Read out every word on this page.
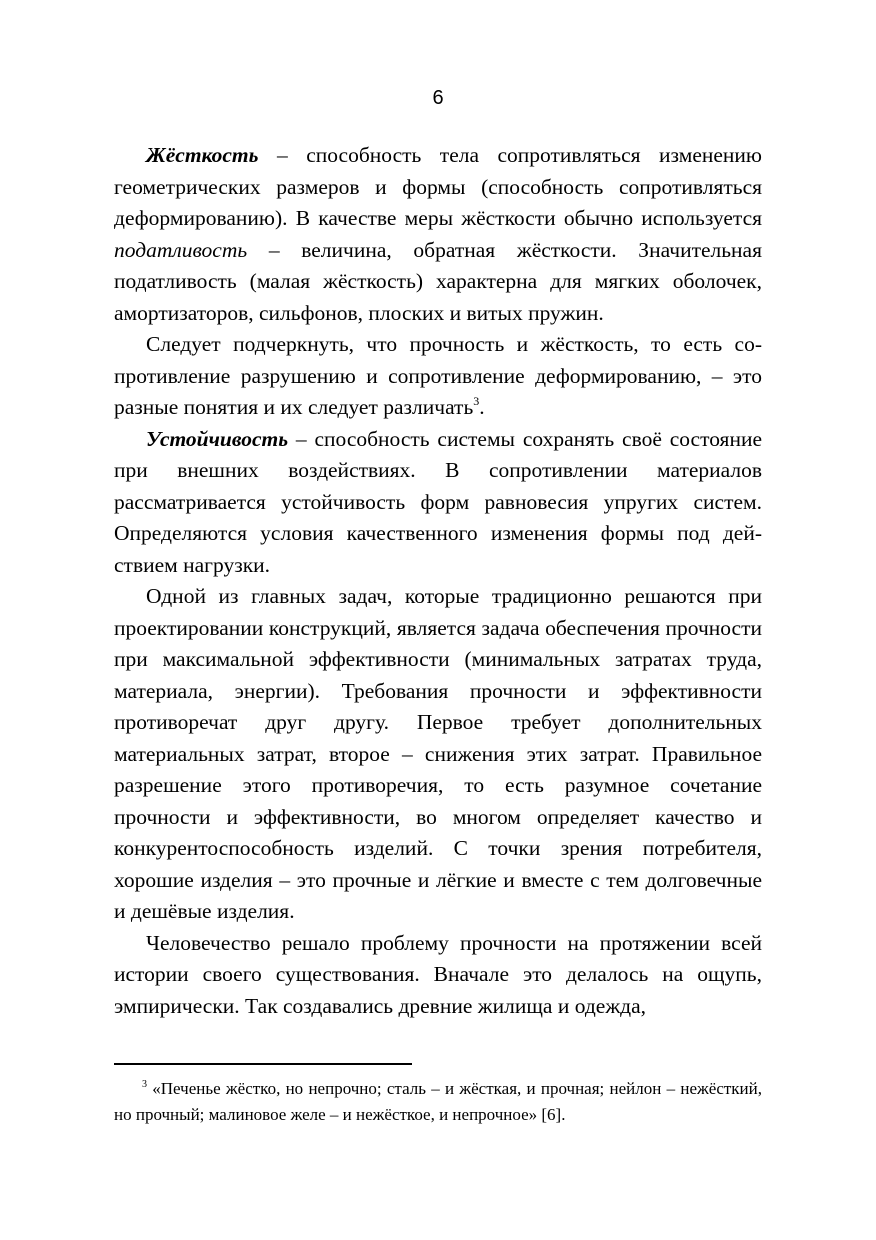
6

Жёсткость – способность тела сопротивляться изменению геометрических размеров и формы (способность сопротивляться деформированию). В качестве меры жёсткости обычно используется податливость – величина, обратная жёсткости. Значительная податливость (малая жёсткость) характерна для мягких оболочек, амортизаторов, сильфонов, плоских и витых пружин.

Следует подчеркнуть, что прочность и жёсткость, то есть сопротивление разрушению и сопротивление деформированию, – это разные понятия и их следует различать$^3$.

Устойчивость – способность системы сохранять своё состояние при внешних воздействиях. В сопротивлении материалов рассматривается устойчивость форм равновесия упругих систем. Определяются условия качественного изменения формы под действием нагрузки.

Одной из главных задач, которые традиционно решаются при проектировании конструкций, является задача обеспечения прочности при максимальной эффективности (минимальных затратах труда, материала, энергии). Требования прочности и эффективности противоречат друг другу. Первое требует дополнительных материальных затрат, второе – снижения этих затрат. Правильное разрешение этого противоречия, то есть разумное сочетание прочности и эффективности, во многом определяет качество и конкурентоспособность изделий. С точки зрения потребителя, хорошие изделия – это прочные и лёгкие и вместе с тем долговечные и дешёвые изделия.

Человечество решало проблему прочности на протяжении всей истории своего существования. Вначале это делалось на ощупь, эмпирически. Так создавались древние жилища и одежда,

$^3$ «Печенье жёстко, но непрочно; сталь – и жёсткая, и прочная; нейлон – нежёсткий, но прочный; малиновое желе – и нежёсткое, и непрочное» [6].
